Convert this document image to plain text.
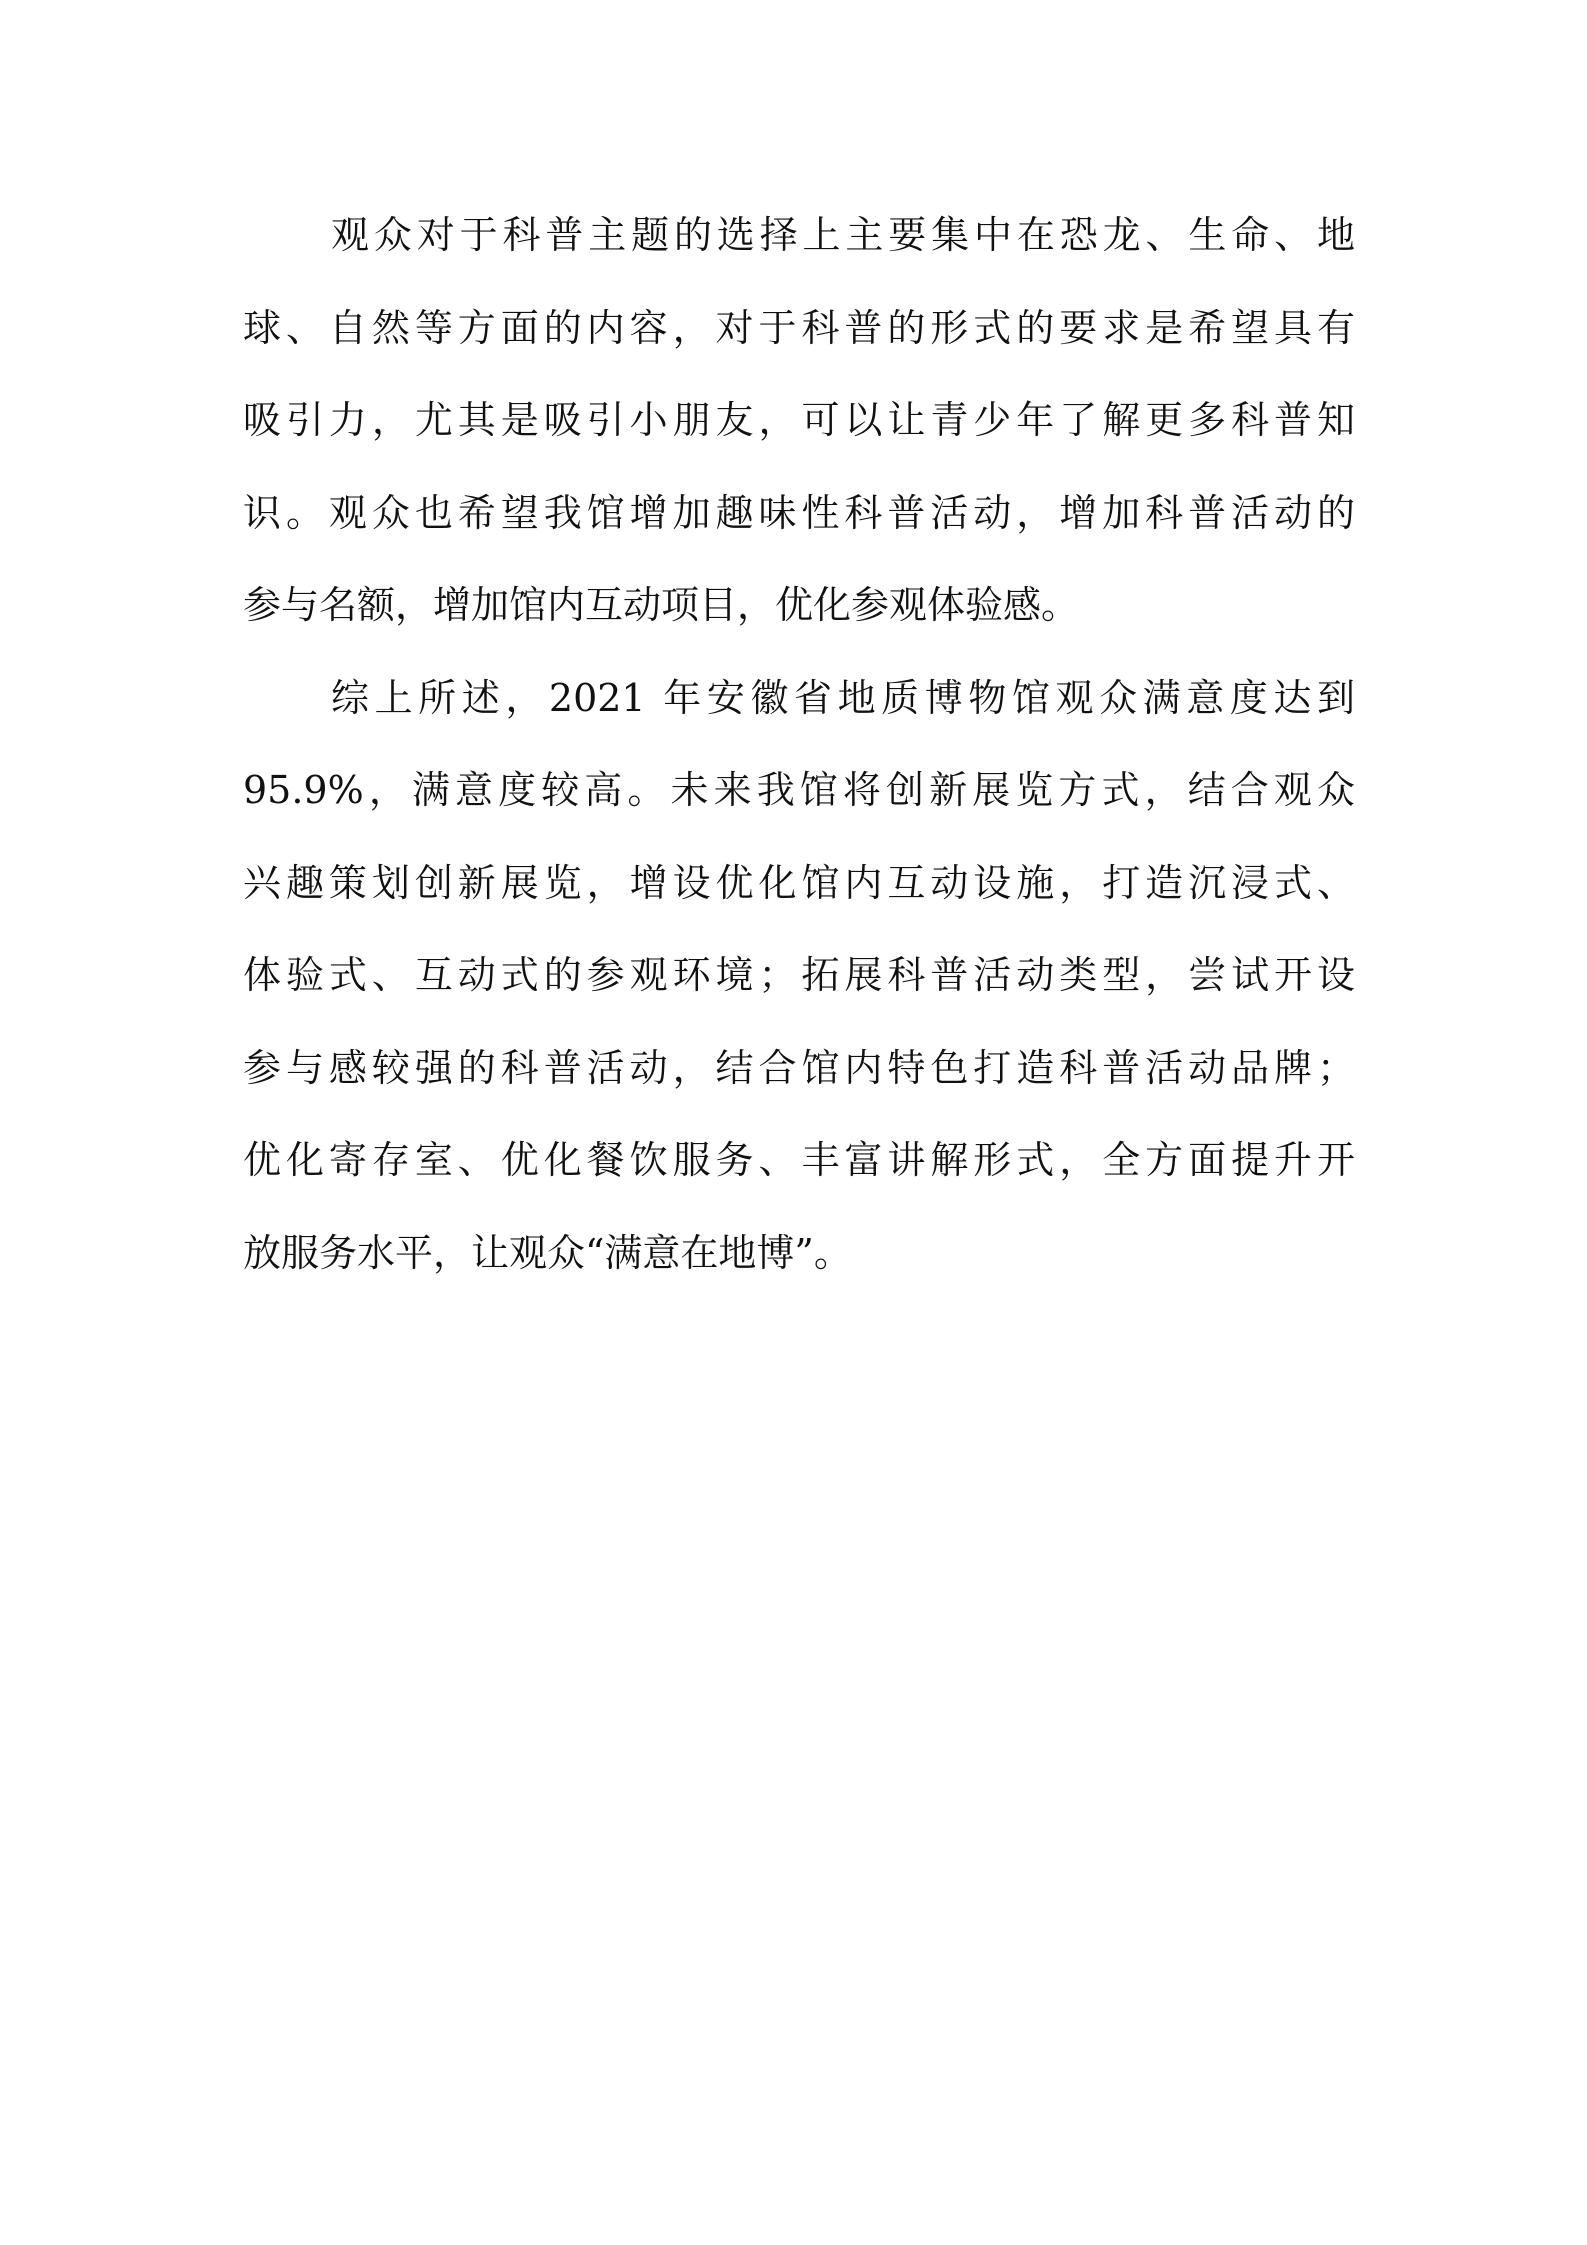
观众对于科普主题的选择上主要集中在恐龙、生命、地
球、自然等方面的内容，对于科普的形式的要求是希望具有
吸引力，尤其是吸引小朋友，可以让青少年了解更多科普知
识。观众也希望我馆增加趣味性科普活动，增加科普活动的
参与名额，增加馆内互动项目，优化参观体验感。
综上所述，2021 年安徽省地质博物馆观众满意度达到
95.9%，满意度较高。未来我馆将创新展览方式，结合观众
兴趣策划创新展览，增设优化馆内互动设施，打造沉浸式、
体验式、互动式的参观环境；拓展科普活动类型，尝试开设
参与感较强的科普活动，结合馆内特色打造科普活动品牌；
优化寄存室、优化餐饮服务、丰富讲解形式，全方面提升开
放服务水平，让观众“满意在地博”。
